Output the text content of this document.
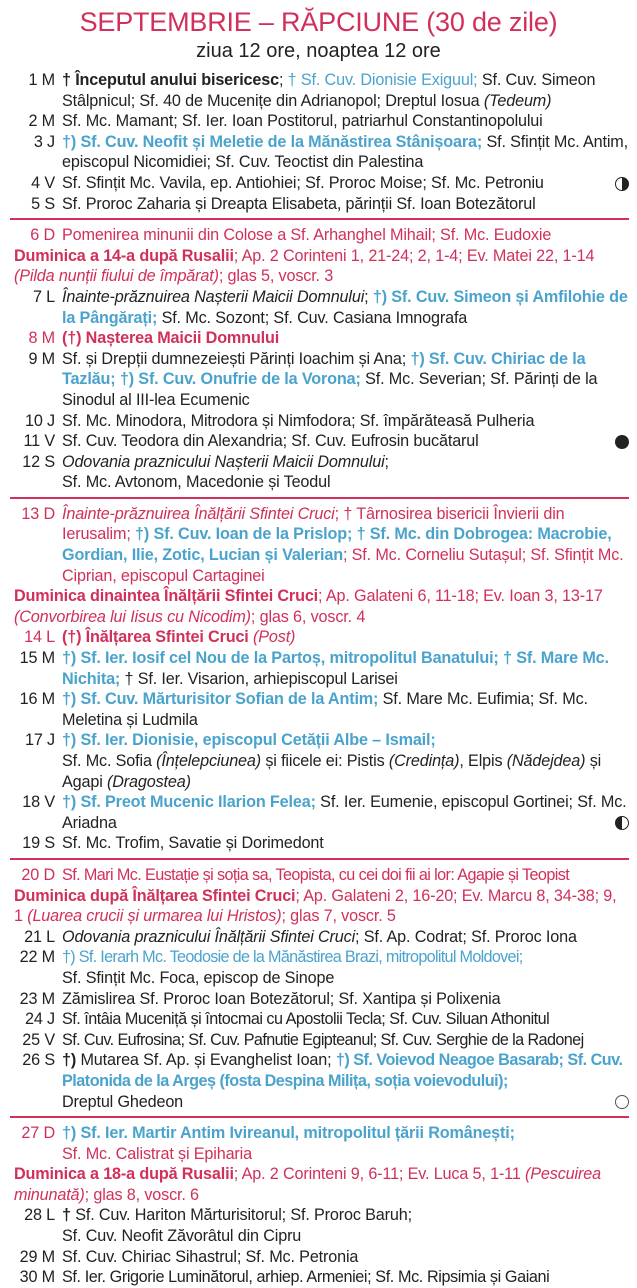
SEPTEMBRIE – RĂPCIUNE (30 de zile)
ziua 12 ore, noaptea 12 ore
1 M † Începutul anului bisericesc; † Sf. Cuv. Dionisie Exiguul; Sf. Cuv. Simeon Stâlpnicul; Sf. 40 de Mucenițe din Adrianopol; Dreptul Iosua (Tedeum)
2 M Sf. Mc. Mamant; Sf. Ier. Ioan Postitorul, patriarhul Constantinopolului
3 J †) Sf. Cuv. Neofit și Meletie de la Mănăstirea Stânișoara; Sf. Sfințit Mc. Antim, episcopul Nicomidiei; Sf. Cuv. Teoctist din Palestina
4 V Sf. Sfințit Mc. Vavila, ep. Antiohiei; Sf. Proroc Moise; Sf. Mc. Petroniu
5 S Sf. Proroc Zaharia și Dreapta Elisabeta, părinții Sf. Ioan Botezătorul
6 D Pomenirea minunii din Colose a Sf. Arhanghel Mihail; Sf. Mc. Eudoxie
Duminica a 14-a după Rusalii; Ap. 2 Corinteni 1, 21-24; 2, 1-4; Ev. Matei 22, 1-14 (Pilda nunții fiului de împărat); glas 5, voscr. 3
7 L Înainte-prăznuirea Nașterii Maicii Domnului; †) Sf. Cuv. Simeon și Amfilohie de la Pângărați; Sf. Mc. Sozont; Sf. Cuv. Casiana Imnografa
8 M (†) Nașterea Maicii Domnului
9 M Sf. și Drepții dumnezeiești Părinți Ioachim și Ana; †) Sf. Cuv. Chiriac de la Tazlău; †) Sf. Cuv. Onufrie de la Vorona; Sf. Mc. Severian; Sf. Părinți de la Sinodul al III-lea Ecumenic
10 J Sf. Mc. Minodora, Mitrodora și Nimfodora; Sf. împărăteasă Pulheria
11 V Sf. Cuv. Teodora din Alexandria; Sf. Cuv. Eufrosin bucătarul
12 S Odovania praznicului Nașterii Maicii Domnului;
Sf. Mc. Avtonom, Macedonie și Teodul
13 D Înainte-prăznuirea Înălțării Sfintei Cruci; † Târnosirea bisericii Învierii din Ierusalim; †) Sf. Cuv. Ioan de la Prislop; † Sf. Mc. din Dobrogea: Macrobie, Gordian, Ilie, Zotic, Lucian și Valerian; Sf. Mc. Corneliu Sutașul; Sf. Sfințit Mc. Ciprian, episcopul Cartaginei
Duminica dinaintea Înălțării Sfintei Cruci; Ap. Galateni 6, 11-18; Ev. Ioan 3, 13-17 (Convorbirea lui Iisus cu Nicodim); glas 6, voscr. 4
14 L (†) Înălțarea Sfintei Cruci (Post)
15 M †) Sf. Ier. Iosif cel Nou de la Partoș, mitropolitul Banatului; † Sf. Mare Mc. Nichita; † Sf. Ier. Visarion, arhiepiscopul Larisei
16 M †) Sf. Cuv. Mărturisitor Sofian de la Antim; Sf. Mare Mc. Eufimia; Sf. Mc. Meletina și Ludmila
17 J †) Sf. Ier. Dionisie, episcopul Cetății Albe – Ismail;
Sf. Mc. Sofia (Înțelepciunea) și fiicele ei: Pistis (Credința), Elpis (Nădejdea) și Agapi (Dragostea)
18 V †) Sf. Preot Mucenic Ilarion Felea; Sf. Ier. Eumenie, episcopul Gortinei; Sf. Mc. Ariadna
19 S Sf. Mc. Trofim, Savatie și Dorimedont
20 D Sf. Mari Mc. Eustație și soția sa, Teopista, cu cei doi fii ai lor: Agapie și Teopist
Duminica după Înălțarea Sfintei Cruci; Ap. Galateni 2, 16-20; Ev. Marcu 8, 34-38; 9, 1 (Luarea crucii și urmarea lui Hristos); glas 7, voscr. 5
21 L Odovania praznicului Înălțării Sfintei Cruci; Sf. Ap. Codrat; Sf. Proroc Iona
22 M †) Sf. Ierarh Mc. Teodosie de la Mănăstirea Brazi, mitropolitul Moldovei;
Sf. Sfințit Mc. Foca, episcop de Sinope
23 M Zămislirea Sf. Proroc Ioan Botezătorul; Sf. Xantipa și Polixenia
24 J Sf. întâia Muceniță și întocmai cu Apostolii Tecla; Sf. Cuv. Siluan Athonitul
25 V Sf. Cuv. Eufrosina; Sf. Cuv. Pafnutie Egipteanul; Sf. Cuv. Serghie de la Radonej
26 S †) Mutarea Sf. Ap. și Evanghelist Ioan; †) Sf. Voievod Neagoe Basarab; Sf. Cuv. Platonida de la Argeș (fosta Despina Milița, soția voievodului);
Dreptul Ghedeon
27 D †) Sf. Ier. Martir Antim Ivireanul, mitropolitul țării Românești;
Sf. Mc. Calistrat și Epiharia
Duminica a 18-a după Rusalii; Ap. 2 Corinteni 9, 6-11; Ev. Luca 5, 1-11 (Pescuirea minunată); glas 8, voscr. 6
28 L † Sf. Cuv. Hariton Mărturisitorul; Sf. Proroc Baruh;
Sf. Cuv. Neofit Zăvorâtul din Cipru
29 M Sf. Cuv. Chiriac Sihastrul; Sf. Mc. Petronia
30 M Sf. Ier. Grigorie Luminătorul, arhiep. Armeniei; Sf. Mc. Ripsimia și Gaiani
